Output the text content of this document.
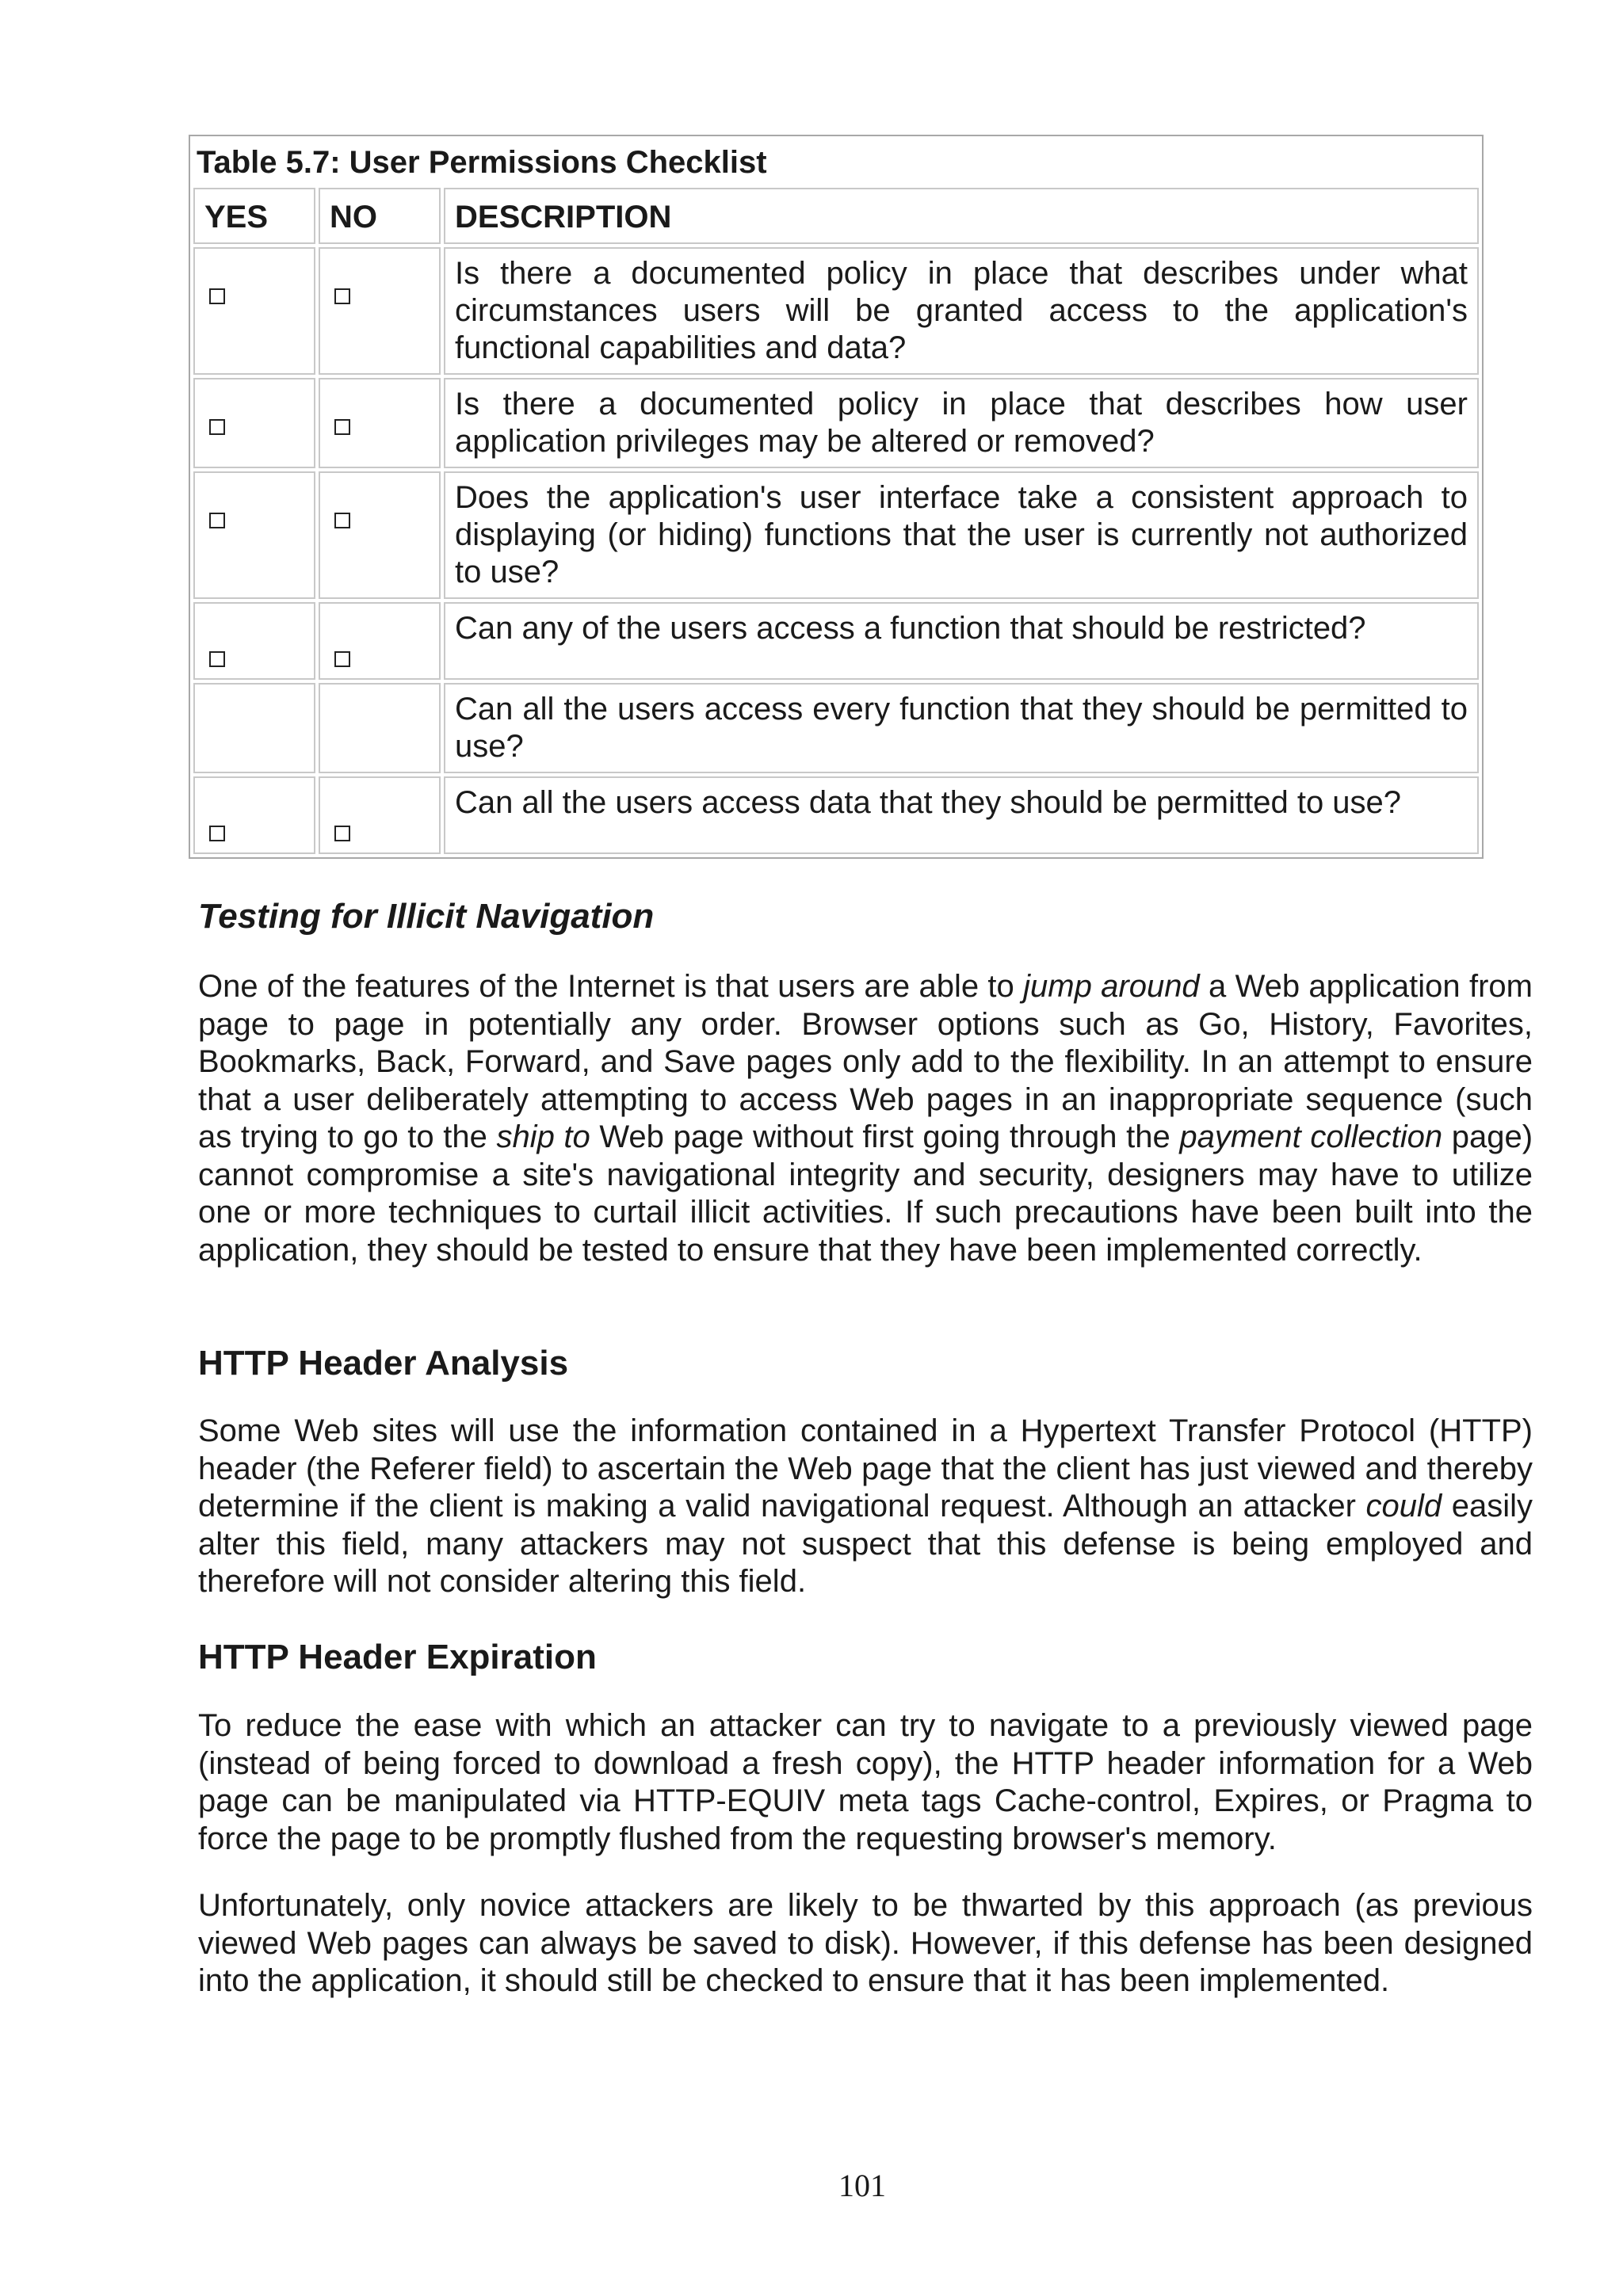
Table 5.7: User Permissions Checklist		
YES	NO	DESCRIPTION
		Is there a documented policy in place that describes under what circumstances users will be granted access to the application's functional capabilities and data?
		Is there a documented policy in place that describes how user application privileges may be altered or removed?
		Does the application's user interface take a consistent approach to displaying (or hiding) functions that the user is currently not authorized to use?
		Can any of the users access a function that should be restricted?
		Can all the users access every function that they should be permitted to use?
		Can all the users access data that they should be permitted to use?
Testing for Illicit Navigation

One of the features of the Internet is that users are able to jump around a Web application from page to page in potentially any order. Browser options such as Go, History, Favorites, Bookmarks, Back, Forward, and Save pages only add to the flexibility. In an attempt to ensure that a user deliberately attempting to access Web pages in an inappropriate sequence (such as trying to go to the ship to Web page without first going through the payment collection page) cannot compromise a site's navigational integrity and security, designers may have to utilize one or more techniques to curtail illicit activities. If such precautions have been built into the application, they should be tested to ensure that they have been implemented correctly.

HTTP Header Analysis

Some Web sites will use the information contained in a Hypertext Transfer Protocol (HTTP) header (the Referer field) to ascertain the Web page that the client has just viewed and thereby determine if the client is making a valid navigational request. Although an attacker could easily alter this field, many attackers may not suspect that this defense is being employed and therefore will not consider altering this field.

HTTP Header Expiration

To reduce the ease with which an attacker can try to navigate to a previously viewed page (instead of being forced to download a fresh copy), the HTTP header information for a Web page can be manipulated via HTTP-EQUIV meta tags Cache-control, Expires, or Pragma to force the page to be promptly flushed from the requesting browser's memory.

Unfortunately, only novice attackers are likely to be thwarted by this approach (as previous viewed Web pages can always be saved to disk). However, if this defense has been designed into the application, it should still be checked to ensure that it has been implemented.

101
